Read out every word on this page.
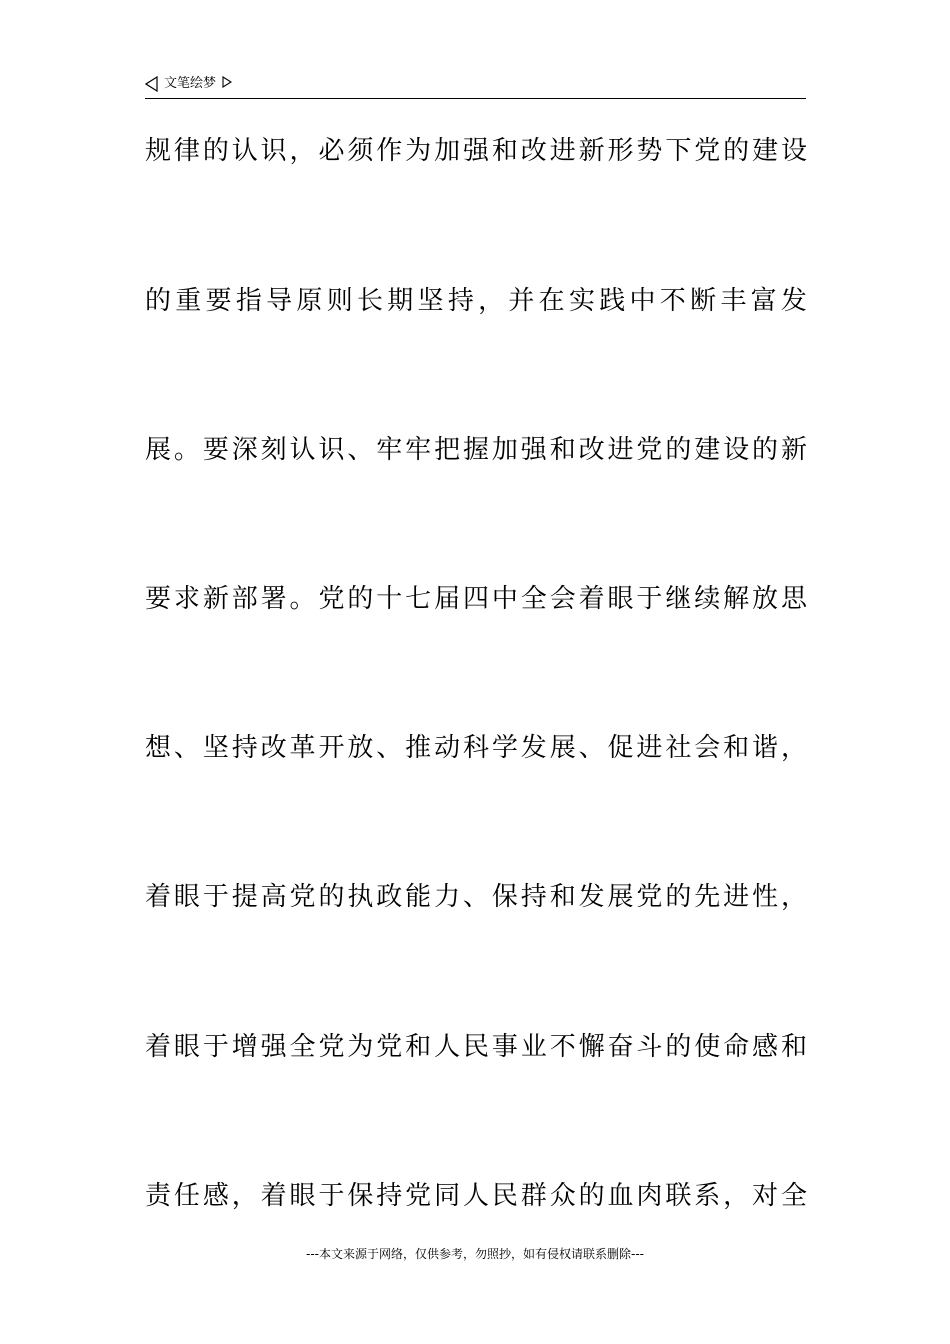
文笔绘梦
规 律 的 认 识 ， 必 须 作 为 加 强 和 改 进 新 形 势 下 党 的 建 设
的 重 要 指 导 原 则 长 期 坚 持 ， 并 在 实 践 中 不 断 丰 富 发
展 。 要 深 刻 认 识 、 牢 牢 把 握 加 强 和 改 进 党 的 建 设 的 新
要 求 新 部 署 。 党 的 十 七 届 四 中 全 会 着 眼 于 继 续 解 放 思
想 、 坚 持 改 革 开 放 、 推 动 科 学 发 展 、 促 进 社 会 和 谐 ，
着 眼 于 提 高 党 的 执 政 能 力 、 保 持 和 发 展 党 的 先 进 性 ，
着 眼 于 增 强 全 党 为 党 和 人 民 事 业 不 懈 奋 斗 的 使 命 感 和
责 任 感 ， 着 眼 于 保 持 党 同 人 民 群 众 的 血 肉 联 系 ， 对 全
---本文来源于网络，仅供参考，勿照抄，如有侵权请联系删除---
